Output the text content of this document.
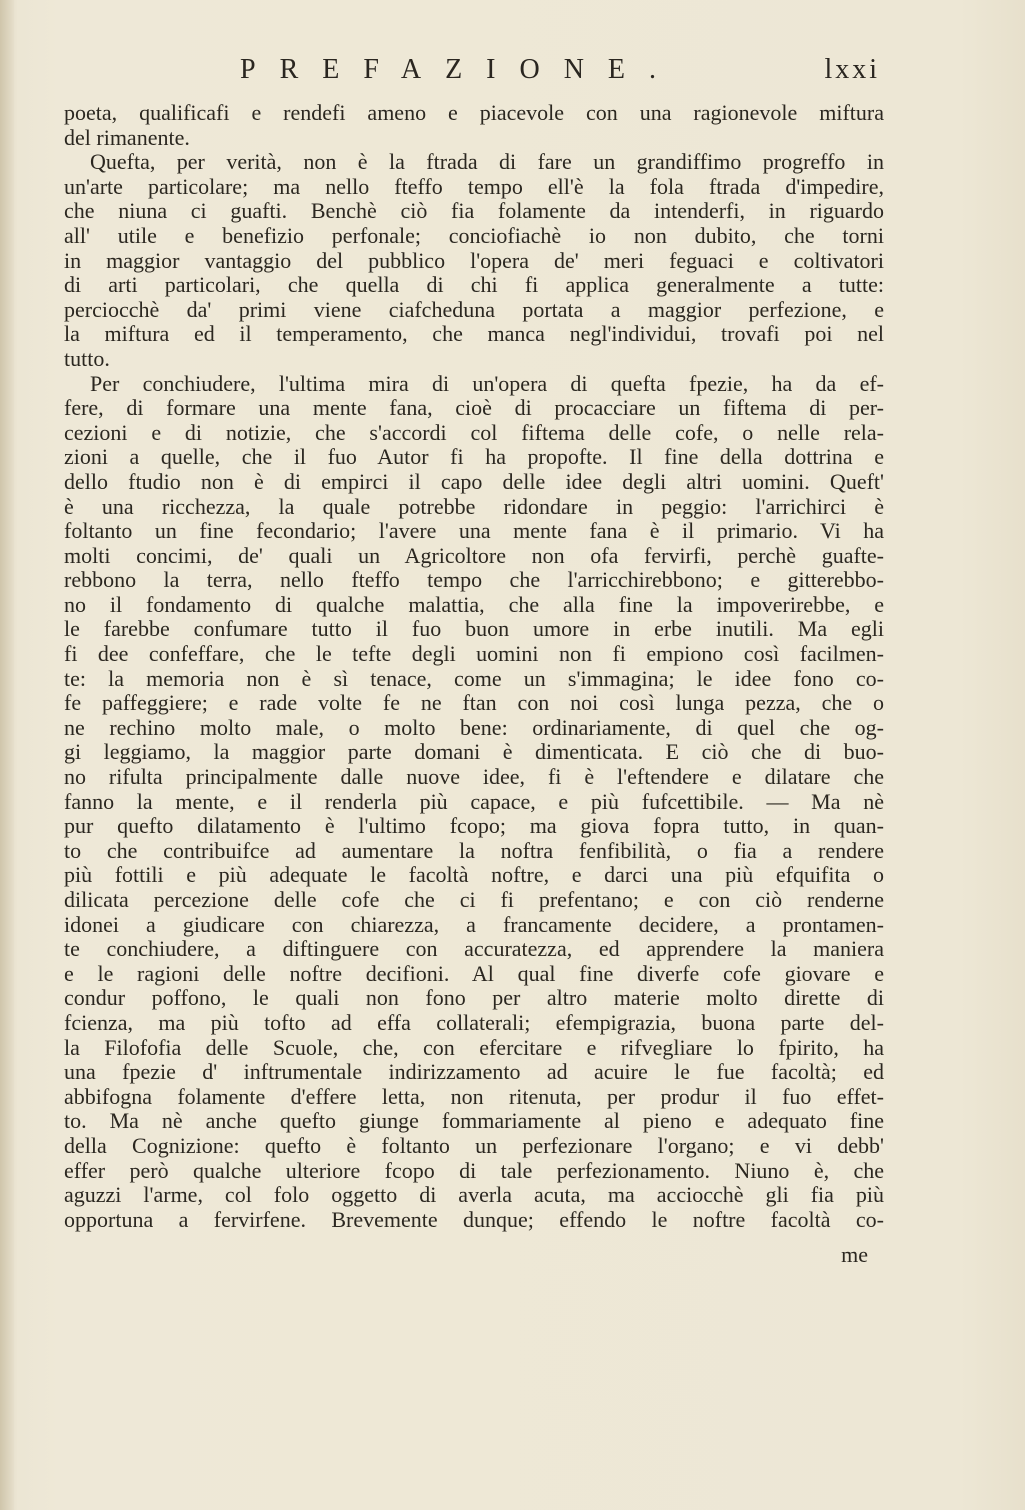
PREFAZIONE.	lxxi
poeta, qualificafi e rendefi ameno e piacevole con una ragionevole miftura
del rimanente.
Quefta, per verità, non è la ftrada di fare un grandiffimo progreffo in
un'arte particolare; ma nello fteffo tempo ell'è la fola ftrada d'impedire,
che niuna ci guafti. Benchè ciò fia folamente da intenderfi, in riguardo
all' utile e benefizio perfonale; conciofiachè io non dubito, che torni
in maggior vantaggio del pubblico l'opera de' meri feguaci e coltivatori
di arti particolari, che quella di chi fi applica generalmente a tutte:
perciocchè da' primi viene ciafcheduna portata a maggior perfezione, e
la miftura ed il temperamento, che manca negl'individui, trovafi poi nel
tutto.
Per conchiudere, l'ultima mira di un'opera di quefta fpezie, ha da ef-
fere, di formare una mente fana, cioè di procacciare un fiftema di per-
cezioni e di notizie, che s'accordi col fiftema delle cofe, o nelle rela-
zioni a quelle, che il fuo Autor fi ha propofte. Il fine della dottrina e
dello ftudio non è di empirci il capo delle idee degli altri uomini. Queft'
è una ricchezza, la quale potrebbe ridondare in peggio: l'arrichirci è
foltanto un fine fecondario; l'avere una mente fana è il primario. Vi ha
molti concimi, de' quali un Agricoltore non ofa fervirfi, perchè guafte-
rebbono la terra, nello fteffo tempo che l'arricchirebbono; e gitterebbo-
no il fondamento di qualche malattia, che alla fine la impoverirebbe, e
le farebbe confumare tutto il fuo buon umore in erbe inutili. Ma egli
fi dee confeffare, che le tefte degli uomini non fi empiono così facilmen-
te: la memoria non è sì tenace, come un s'immagina; le idee fono co-
fe paffeggiere; e rade volte fe ne ftan con noi così lunga pezza, che o
ne rechino molto male, o molto bene: ordinariamente, di quel che og-
gi leggiamo, la maggior parte domani è dimenticata. E ciò che di buo-
no rifulta principalmente dalle nuove idee, fi è l'eftendere e dilatare che
fanno la mente, e il renderla più capace, e più fufcettibile. — Ma nè
pur quefto dilatamento è l'ultimo fcopo; ma giova fopra tutto, in quan-
to che contribuifce ad aumentare la noftra fenfibilità, o fia a rendere
più fottili e più adequate le facoltà noftre, e darci una più efquifita o
dilicata percezione delle cofe che ci fi prefentano; e con ciò renderne
idonei a giudicare con chiarezza, a francamente decidere, a prontamen-
te conchiudere, a diftinguere con accuratezza, ed apprendere la maniera
e le ragioni delle noftre decifioni. Al qual fine diverfe cofe giovare e
condur poffono, le quali non fono per altro materie molto dirette di
fcienza, ma più tofto ad effa collaterali; efempigrazia, buona parte del-
la Filofofia delle Scuole, che, con efercitare e rifvegliare lo fpirito, ha
una fpezie d' inftrumentale indirizzamento ad acuire le fue facoltà; ed
abbifogna folamente d'effere letta, non ritenuta, per produr il fuo effet-
to. Ma nè anche quefto giunge fommariamente al pieno e adequato fine
della Cognizione: quefto è foltanto un perfezionare l'organo; e vi debb'
effer però qualche ulteriore fcopo di tale perfezionamento. Niuno è, che
aguzzi l'arme, col folo oggetto di averla acuta, ma acciocchè gli fia più
opportuna a fervirfene. Brevemente dunque; effendo le noftre facoltà co-
me
